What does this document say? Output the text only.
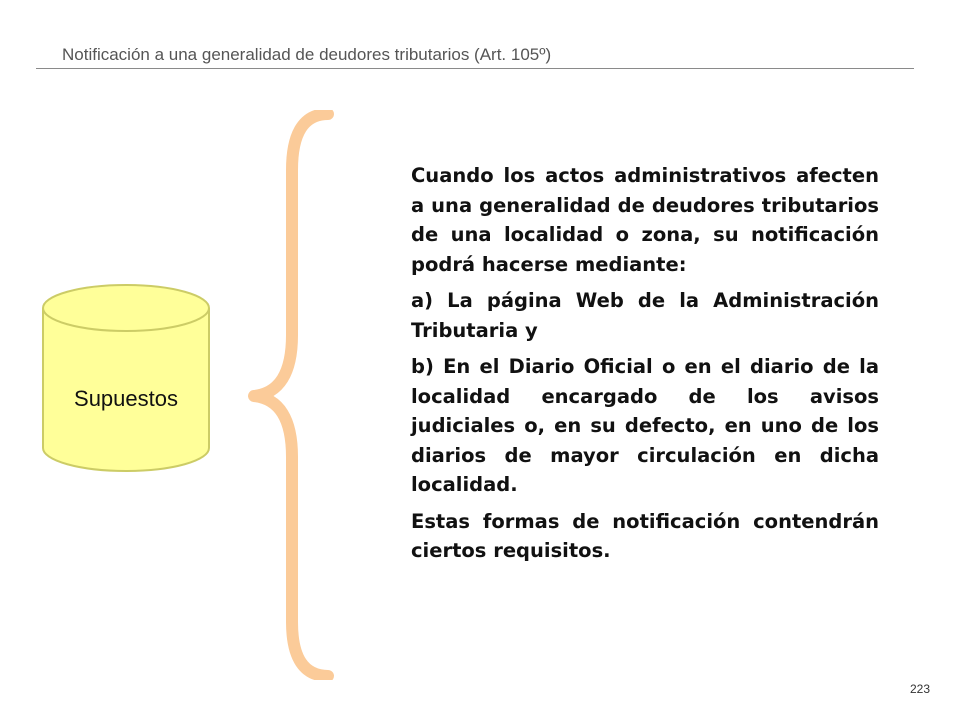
Notificación a una generalidad de deudores tributarios (Art. 105º)
Supuestos

Cuando los actos administrativos afecten a una generalidad de deudores tributarios de una localidad o zona, su notificación podrá hacerse mediante:

a) La página Web de la Administración Tributaria y

b) En el Diario Oficial o en el diario de la localidad encargado de los avisos judiciales o, en su defecto, en uno de los diarios de mayor circulación en dicha localidad.

Estas formas de notificación contendrán ciertos requisitos.

223
